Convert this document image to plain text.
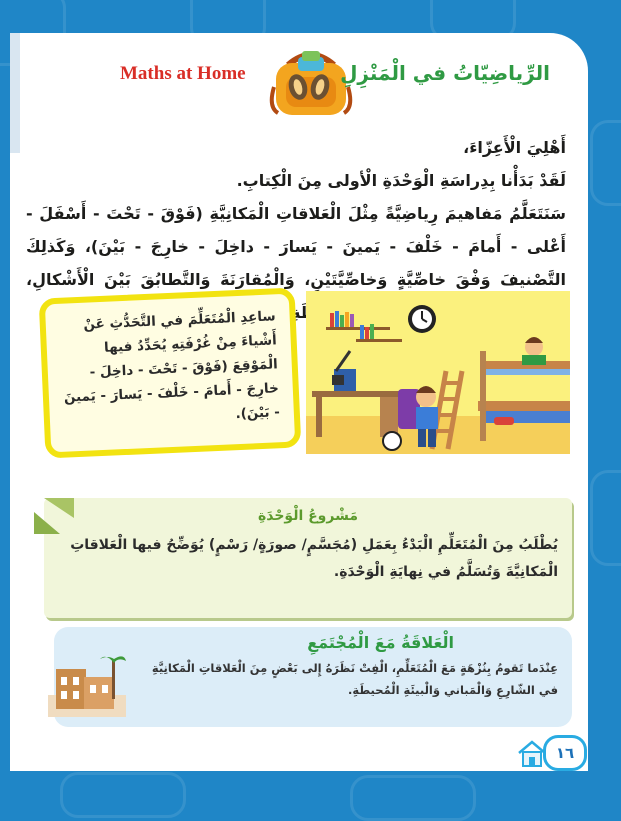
Maths at Home	الرِّياضِيّاتُ في الْمَنْزِلِ

أَهْلِيَ الْأَعِزّاءَ،

لَقَدْ بَدَأْنا بِدِراسَةِ الْوَحْدَةِ الْأولى مِنَ الْكِتابِ.

سَنَتَعَلَّمُ مَفاهيمَ رِياضِيَّةً مِثْلَ الْعَلاقاتِ الْمَكانِيَّةِ (فَوْقَ - تَحْتَ - أَسْفَلَ - أَعْلى - أَمامَ - خَلْفَ - يَمينَ - يَسارَ - داخِلَ - خارِجَ - بَيْنَ)، وَكَذلِكَ التَّصْنيفَ وَفْقَ خاصِّيَّةٍ وَخاصِّيَّتَيْنِ، وَالْمُقارَنَةَ وَالتَّطابُقَ بَيْنَ الْأَشْكالِ،

ساعِدِ الْمُتَعَلِّمَ في التَّحَدُّثِ عَنْ أَشْياءَ مِنْ غُرْفَتِهِ يُحَدِّدُ فيها الْمَوْقِعَ (فَوْقَ - تَحْتَ - داخِلَ - خارِجَ - أَمامَ - خَلْفَ - يَسارَ - يَمينَ - بَيْنَ).
مَشْروعُ الْوَحْدَةِ
يُطْلَبُ مِنَ الْمُتَعَلِّمِ الْبَدْءُ بِعَمَلِ (مُجَسَّمٍ/ صورَةٍ/ رَسْمٍ) يُوَضِّحُ فيها الْعَلاقاتِ الْمَكانِيَّةَ وَتُسَلَّمُ في نِهايَةِ الْوَحْدَةِ.
الْعَلاقَةُ مَعَ الْمُجْتَمَعِ
عِنْدَما تَقومُ بِنُزْهَةٍ مَعَ الْمُتَعَلِّمِ، الْفِتْ نَظَرَهُ إِلى بَعْضٍ مِنَ الْعَلاقاتِ الْمَكانِيَّةِ في الشّارِعِ وَالْمَباني وَالْبيئَةِ الْمُحيطَةِ.
١٦
